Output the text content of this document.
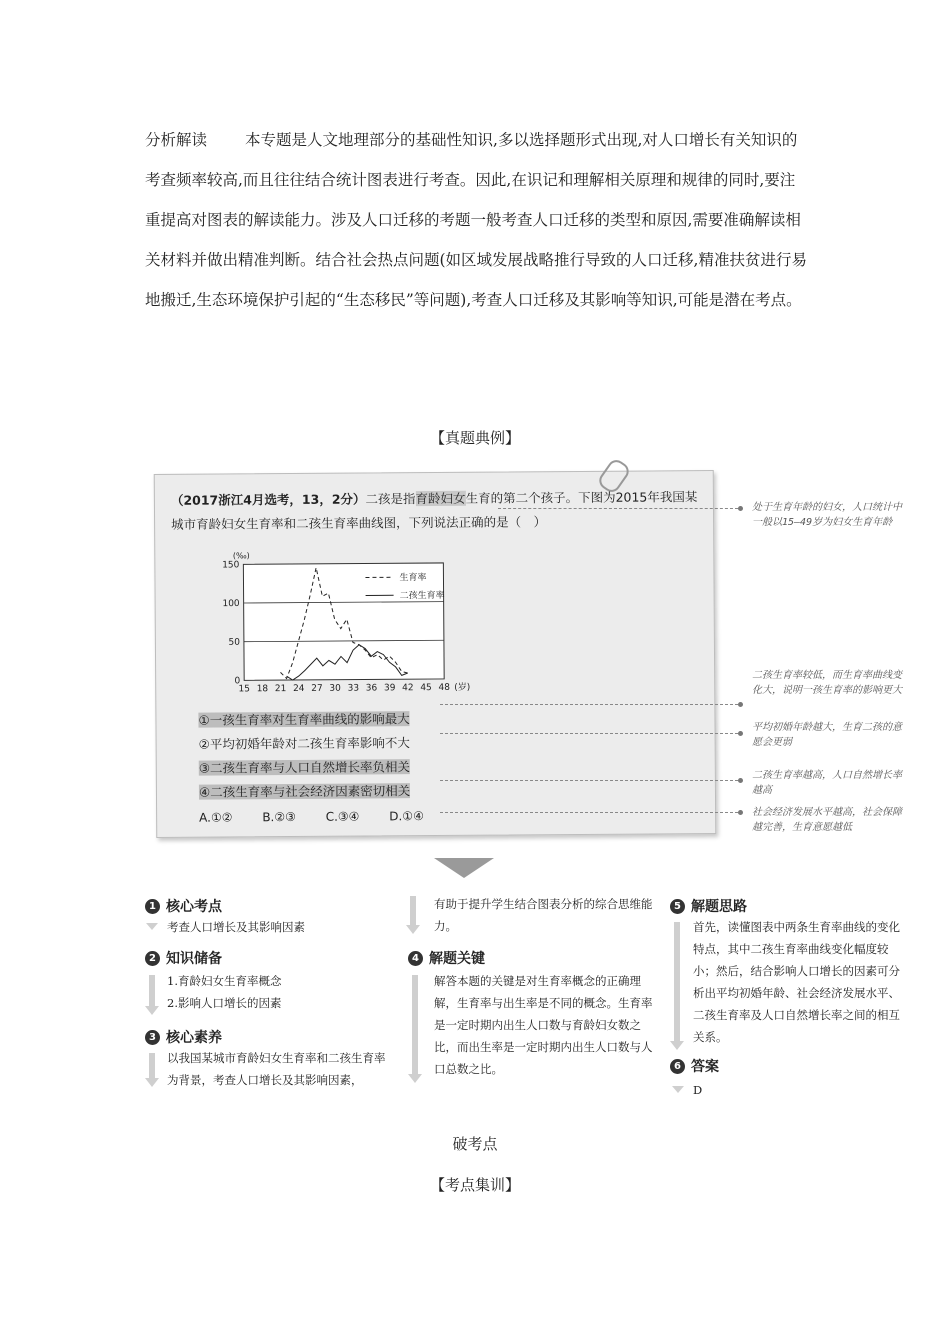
分析解读 本专题是人文地理部分的基础性知识,多以选择题形式出现,对人口增长有关知识的考查频率较高,而且往往结合统计图表进行考查。因此,在识记和理解相关原理和规律的同时,要注重提高对图表的解读能力。涉及人口迁移的考题一般考查人口迁移的类型和原因,需要准确解读相关材料并做出精准判断。结合社会热点问题(如区域发展战略推行导致的人口迁移,精准扶贫进行易地搬迁,生态环境保护引起的“生态移民”等问题),考查人口迁移及其影响等知识,可能是潜在考点。

【真题典例】
（2017浙江4月选考，13，2分）二孩是指育龄妇女生育的第二个孩子。下图为2015年我国某城市育龄妇女生育率和二孩生育率曲线图，下列说法正确的是（　）
0
50
100
150
15 18 21 24 27 30 33 36 39 42 45 48
(‰)
(岁)
生育率
二孩生育率
①一孩生育率对生育率曲线的影响最大
②平均初婚年龄对二孩生育率影响不大
③二孩生育率与人口自然增长率负相关
④二孩生育率与社会经济因素密切相关
A.①② B.②③ C.③④ D.①④
处于生育年龄的妇女，人口统计中一般以15—49岁为妇女生育年龄
二孩生育率较低，而生育率曲线变化大，说明一孩生育率的影响更大
平均初婚年龄越大，生育二孩的意愿会更弱
二孩生育率越高，人口自然增长率越高
社会经济发展水平越高，社会保障越完善，生育意愿越低
1 核心考点
考查人口增长及其影响因素
2 知识储备
1.育龄妇女生育率概念
2.影响人口增长的因素
3 核心素养
以我国某城市育龄妇女生育率和二孩生育率为背景，考查人口增长及其影响因素，
有助于提升学生结合图表分析的综合思维能力。
4 解题关键
解答本题的关键是对生育率概念的正确理解，生育率与出生率是不同的概念。生育率是一定时期内出生人口数与育龄妇女数之比，而出生率是一定时期内出生人口数与人口总数之比。
5 解题思路
首先，读懂图表中两条生育率曲线的变化特点，其中二孩生育率曲线变化幅度较小；然后，结合影响人口增长的因素可分析出平均初婚年龄、社会经济发展水平、二孩生育率及人口自然增长率之间的相互关系。
6 答案
D
破考点
【考点集训】
